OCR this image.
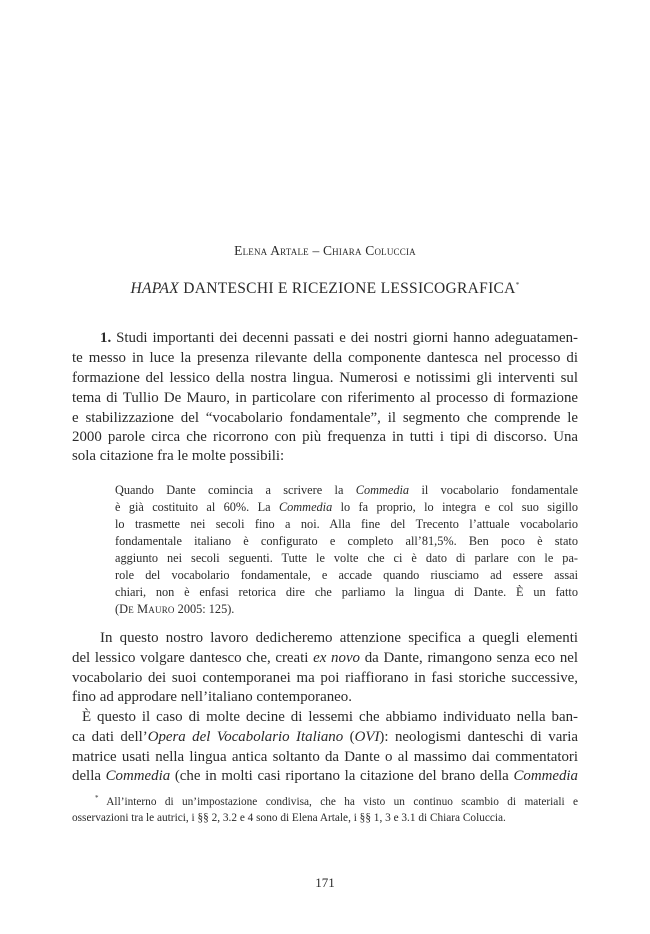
Elena Artale – Chiara Coluccia
HAPAX DANTESCHI E RICEZIONE LESSICOGRAFICA*
1. Studi importanti dei decenni passati e dei nostri giorni hanno adeguatamen-
te messo in luce la presenza rilevante della componente dantesca nel processo di
formazione del lessico della nostra lingua. Numerosi e notissimi gli interventi sul
tema di Tullio De Mauro, in particolare con riferimento al processo di formazione
e stabilizzazione del “vocabolario fondamentale”, il segmento che comprende le
2000 parole circa che ricorrono con più frequenza in tutti i tipi di discorso. Una
sola citazione fra le molte possibili:
Quando Dante comincia a scrivere la Commedia il vocabolario fondamentale
è già costituito al 60%. La Commedia lo fa proprio, lo integra e col suo sigillo
lo trasmette nei secoli fino a noi. Alla fine del Trecento l’attuale vocabolario
fondamentale italiano è configurato e completo all’81,5%. Ben poco è stato
aggiunto nei secoli seguenti. Tutte le volte che ci è dato di parlare con le pa-
role del vocabolario fondamentale, e accade quando riusciamo ad essere assai
chiari, non è enfasi retorica dire che parliamo la lingua di Dante. È un fatto
(De Mauro 2005: 125).
In questo nostro lavoro dedicheremo attenzione specifica a quegli elementi
del lessico volgare dantesco che, creati ex novo da Dante, rimangono senza eco nel
vocabolario dei suoi contemporanei ma poi riaffiorano in fasi storiche successive,
fino ad approdare nell’italiano contemporaneo.
È questo il caso di molte decine di lessemi che abbiamo individuato nella ban-
ca dati dell’Opera del Vocabolario Italiano (OVI): neologismi danteschi di varia
matrice usati nella lingua antica soltanto da Dante o al massimo dai commentatori
della Commedia (che in molti casi riportano la citazione del brano della Commedia
* All’interno di un’impostazione condivisa, che ha visto un continuo scambio di materiali e
osservazioni tra le autrici, i §§ 2, 3.2 e 4 sono di Elena Artale, i §§ 1, 3 e 3.1 di Chiara Coluccia.
171
